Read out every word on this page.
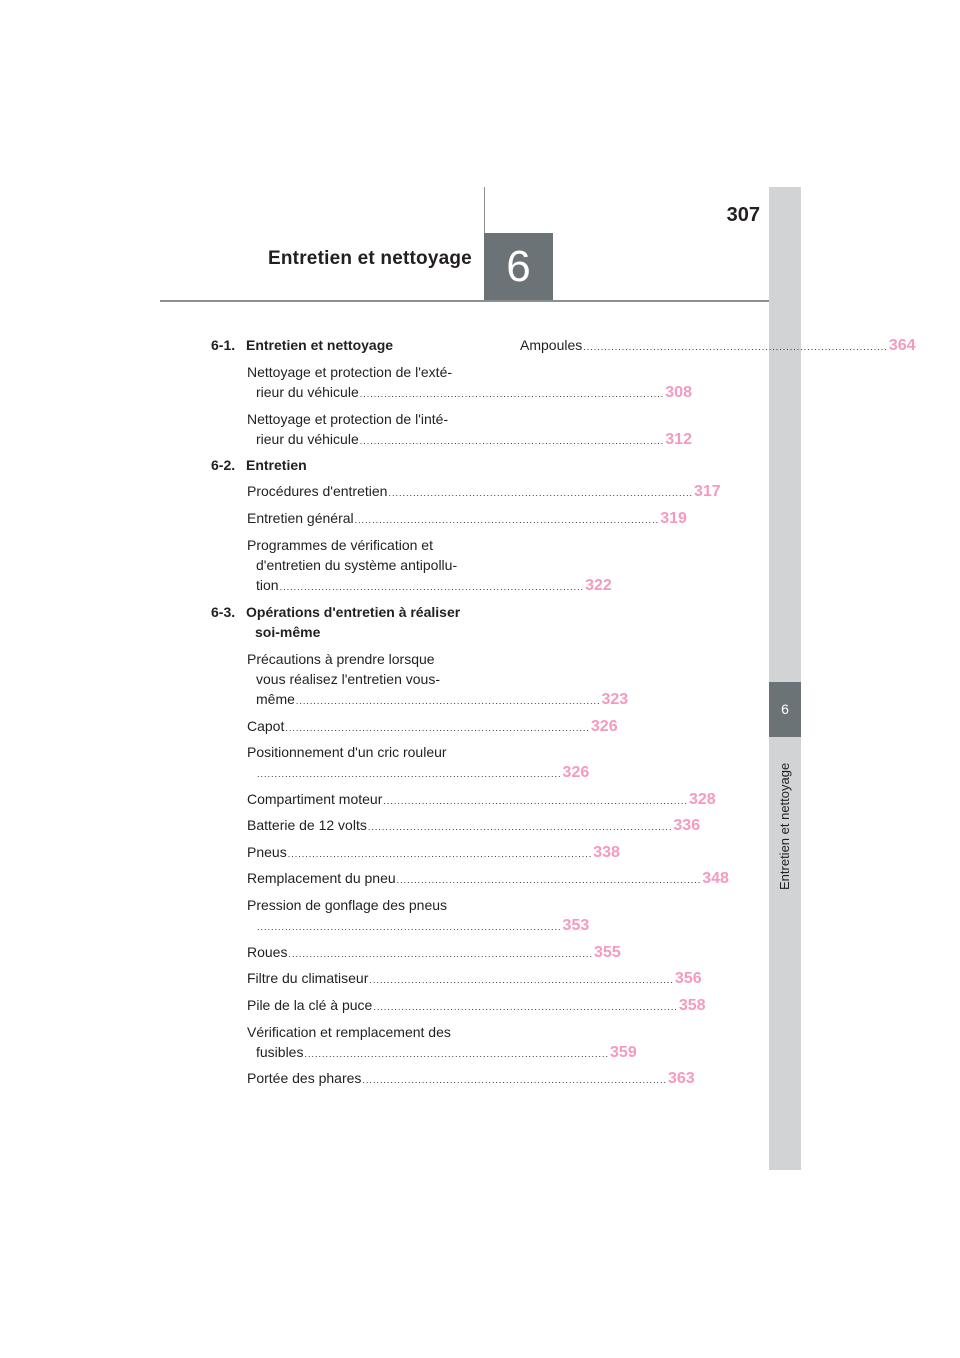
307
Entretien et nettoyage 6
6
Entretien et nettoyage
6-1. Entretien et nettoyage
Nettoyage et protection de l'exté-
rieur du véhicule.......................................................................................308
Nettoyage et protection de l'inté-
rieur du véhicule.......................................................................................312
6-2. Entretien
Procédures d'entretien.......................................................................................317
Entretien général.......................................................................................319
Programmes de vérification et
d'entretien du système antipollu-
tion.......................................................................................322
6-3. Opérations d'entretien à réaliser
soi-même
Précautions à prendre lorsque
vous réalisez l'entretien vous-
même.......................................................................................323
Capot.......................................................................................326
Positionnement d'un cric rouleur
.......................................................................................326
Compartiment moteur.......................................................................................328
Batterie de 12 volts.......................................................................................336
Pneus.......................................................................................338
Remplacement du pneu.......................................................................................348
Pression de gonflage des pneus
.......................................................................................353
Roues.......................................................................................355
Filtre du climatiseur.......................................................................................356
Pile de la clé à puce.......................................................................................358
Vérification et remplacement des
fusibles.......................................................................................359
Portée des phares.......................................................................................363
Ampoules.......................................................................................364
